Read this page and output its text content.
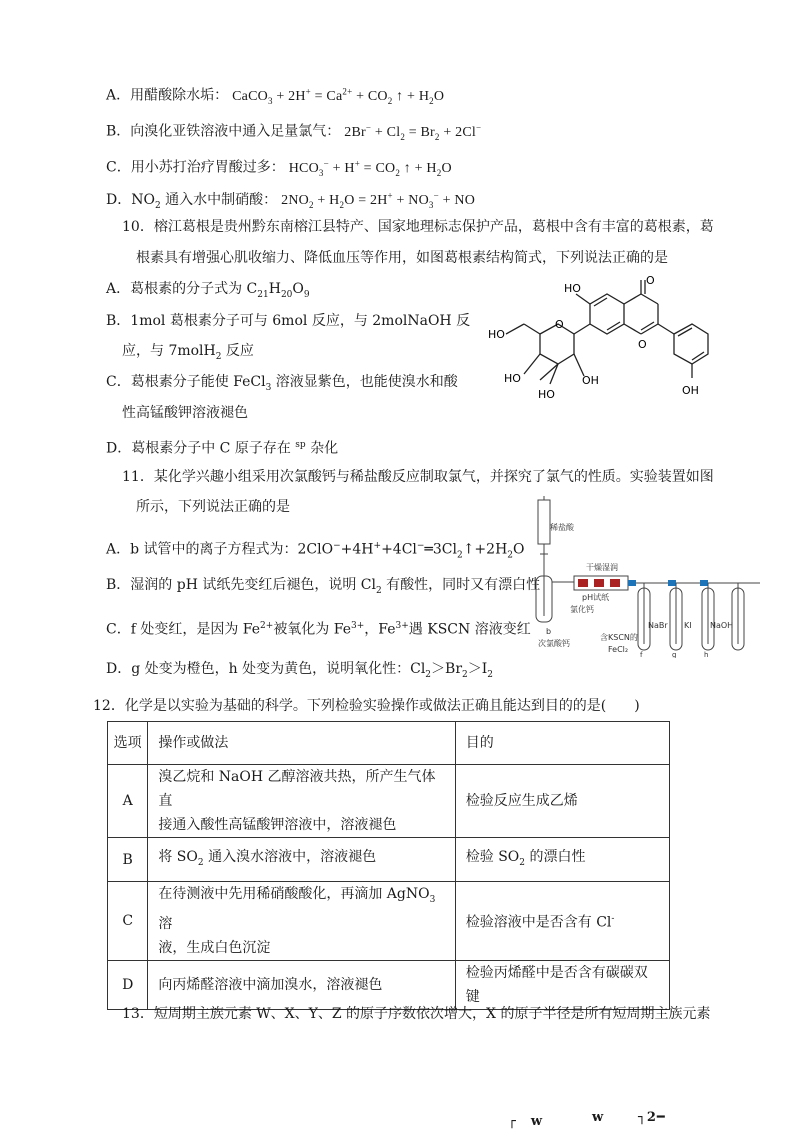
A．用醋酸除水垢： CaCO$_3$ + $2H^+ = Ca^{2+} + CO_2$ ↑ + $H_2O$
B．向溴化亚铁溶液中通入足量氯气： $2Br^- + Cl_2 = Br_2 + 2Cl^-$
C．用小苏打治疗胃酸过多： $HCO_3^- + H^+ = CO_2$ ↑ + $H_2O$
D．$NO_2$ 通入水中制硝酸： $2NO_2 + H_2O = 2H^+ + NO_3^-$ + NO
10．榕江葛根是贵州黔东南榕江县特产、国家地理标志保护产品，葛根中含有丰富的葛根素，葛
根素具有增强心肌收缩力、降低血压等作用，如图葛根素结构简式，下列说法正确的是
A．葛根素的分子式为 $C_{21}H_{20}O_9$
B．1mol 葛根素分子可与 6mol 反应，与 2molNaOH 反
应，与 7molH$_2$ 反应
C．葛根素分子能使 FeCl$_3$ 溶液显紫色，也能使溴水和酸
性高锰酸钾溶液褪色
D．葛根素分子中 C 原子存在 $^{sp}$ 杂化
HO
HO
O
HO	OH
HO
O
O
OH
11．某化学兴趣小组采用次氯酸钙与稀盐酸反应制取氯气，并探究了氯气的性质。实验装置如图
所示，下列说法正确的是
A．b 试管中的离子方程式为：$2ClO^-+4H^++4Cl^-═3Cl_2↑+2H_2O$
B．湿润的 pH 试纸先变红后褪色，说明 $Cl_2$ 有酸性，同时又有漂白性
C．f 处变红，是因为 $Fe^{2+}$被氧化为 $Fe^{3+}$，$Fe^{3+}$遇 KSCN 溶液变红
D．g 处变为橙色，h 处变为黄色，说明氧化性：$Cl_2>Br_2>I_2$
稀盐酸
干燥湿润
pH试纸
氯化钙
b
次氯酸钙
含KSCN的
FeCl₂
NaBr KI NaOH
f	g	h
12．化学是以实验为基础的科学。下列检验实验操作或做法正确且能达到目的的是(　　)
选项	操作或做法	目的
A	溴乙烷和 NaOH 乙醇溶液共热，所产生气体直
接通入酸性高锰酸钾溶液中，溶液褪色	检验反应生成乙烯
B	将 $SO_2$ 通入溴水溶液中，溶液褪色	检验 $SO_2$ 的漂白性
C	在待测液中先用稀硝酸酸化，再滴加 AgNO$_3$ 溶
液，生成白色沉淀	检验溶液中是否含有 Cl-
D	向丙烯醛溶液中滴加溴水，溶液褪色	检验丙烯醛中是否含有碳碳双键
13．短周期主族元素 W、X、Y、Z 的原子序数依次增大，X 的原子半径是所有短周期主族元素
┌　w	w	┐2━
